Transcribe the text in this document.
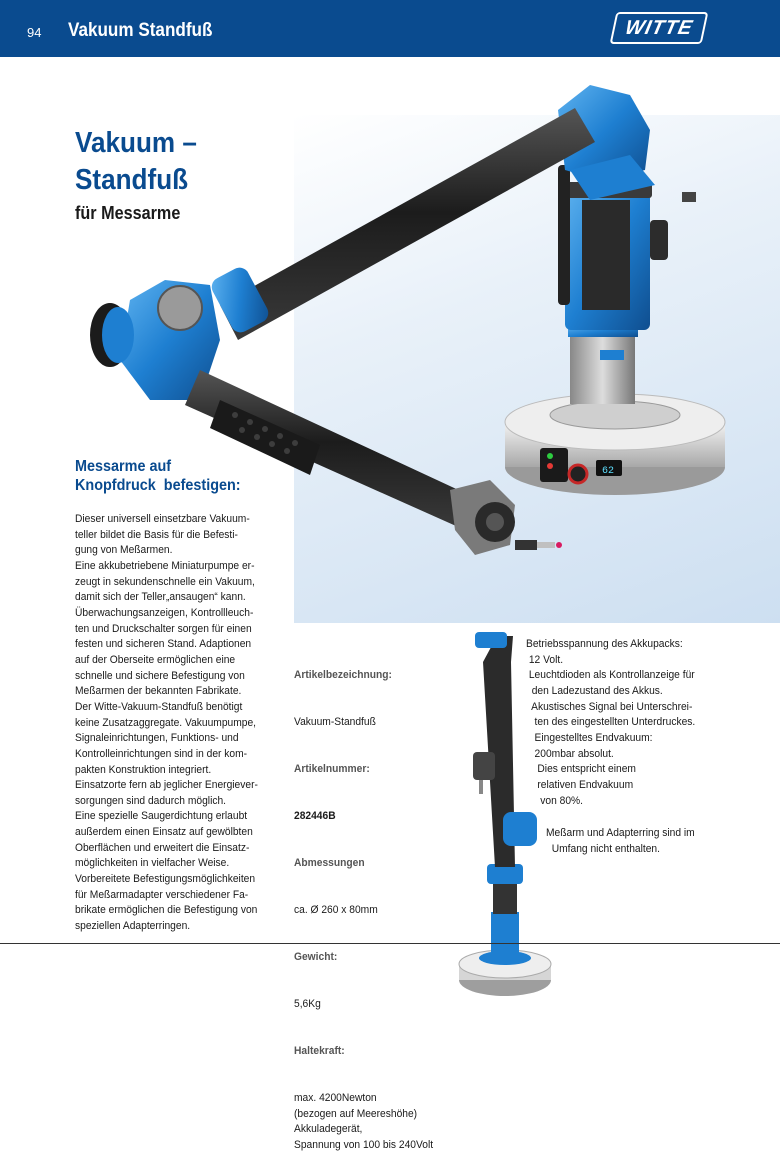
94 Vakuum Standfuß	WITTE
62
Vakuum –
Standfuß
für Messarme
Messarme auf
Knopfdruck  befestigen:
Dieser universell einsetzbare Vakuum-
teller bildet die Basis für die Befesti-
gung von Meßarmen.
Eine akkubetriebene Miniaturpumpe er-
zeugt in sekundenschnelle ein Vakuum,
damit sich der Teller„ansaugen“ kann.
Überwachungsanzeigen, Kontrollleuch-
ten und Druckschalter sorgen für einen
festen und sicheren Stand. Adaptionen
auf der Oberseite ermöglichen eine
schnelle und sichere Befestigung von
Meßarmen der bekannten Fabrikate.
Der Witte-Vakuum-Standfuß benötigt
keine Zusatzaggregate. Vakuumpumpe,
Signaleinrichtungen, Funktions- und
Kontrolleinrichtungen sind in der kom-
pakten Konstruktion integriert.
Einsatzorte fern ab jeglicher Energiever-
sorgungen sind dadurch möglich.
Eine spezielle Saugerdichtung erlaubt
außerdem einen Einsatz auf gewölbten
Oberflächen und erweitert die Einsatz-
möglichkeiten in vielfacher Weise.
Vorbereitete Befestigungsmöglichkeiten
für Meßarmadapter verschiedener Fa-
brikate ermöglichen die Befestigung von
speziellen Adapterringen.

Artikelbezeichnung:

Vakuum-Standfuß

Artikelnummer:

282446B

Abmessungen

ca. Ø 260 x 80mm

Gewicht:

5,6Kg

Haltekraft:

max. 4200Newton
(bezogen auf Meereshöhe)
Akkuladegerät,
Spannung von 100 bis 240Volt

Betriebsspannung des Akkupacks:
12 Volt.
Leuchtdioden als Kontrollanzeige für
den Ladezustand des Akkus.
Akustisches Signal bei Unterschrei-
ten des eingestellten Unterdruckes.
Eingestelltes Endvakuum:
200mbar absolut.
Dies entspricht einem
relativen Endvakuum
von 80%.
Meßarm und Adapterring sind im
Umfang nicht enthalten.
